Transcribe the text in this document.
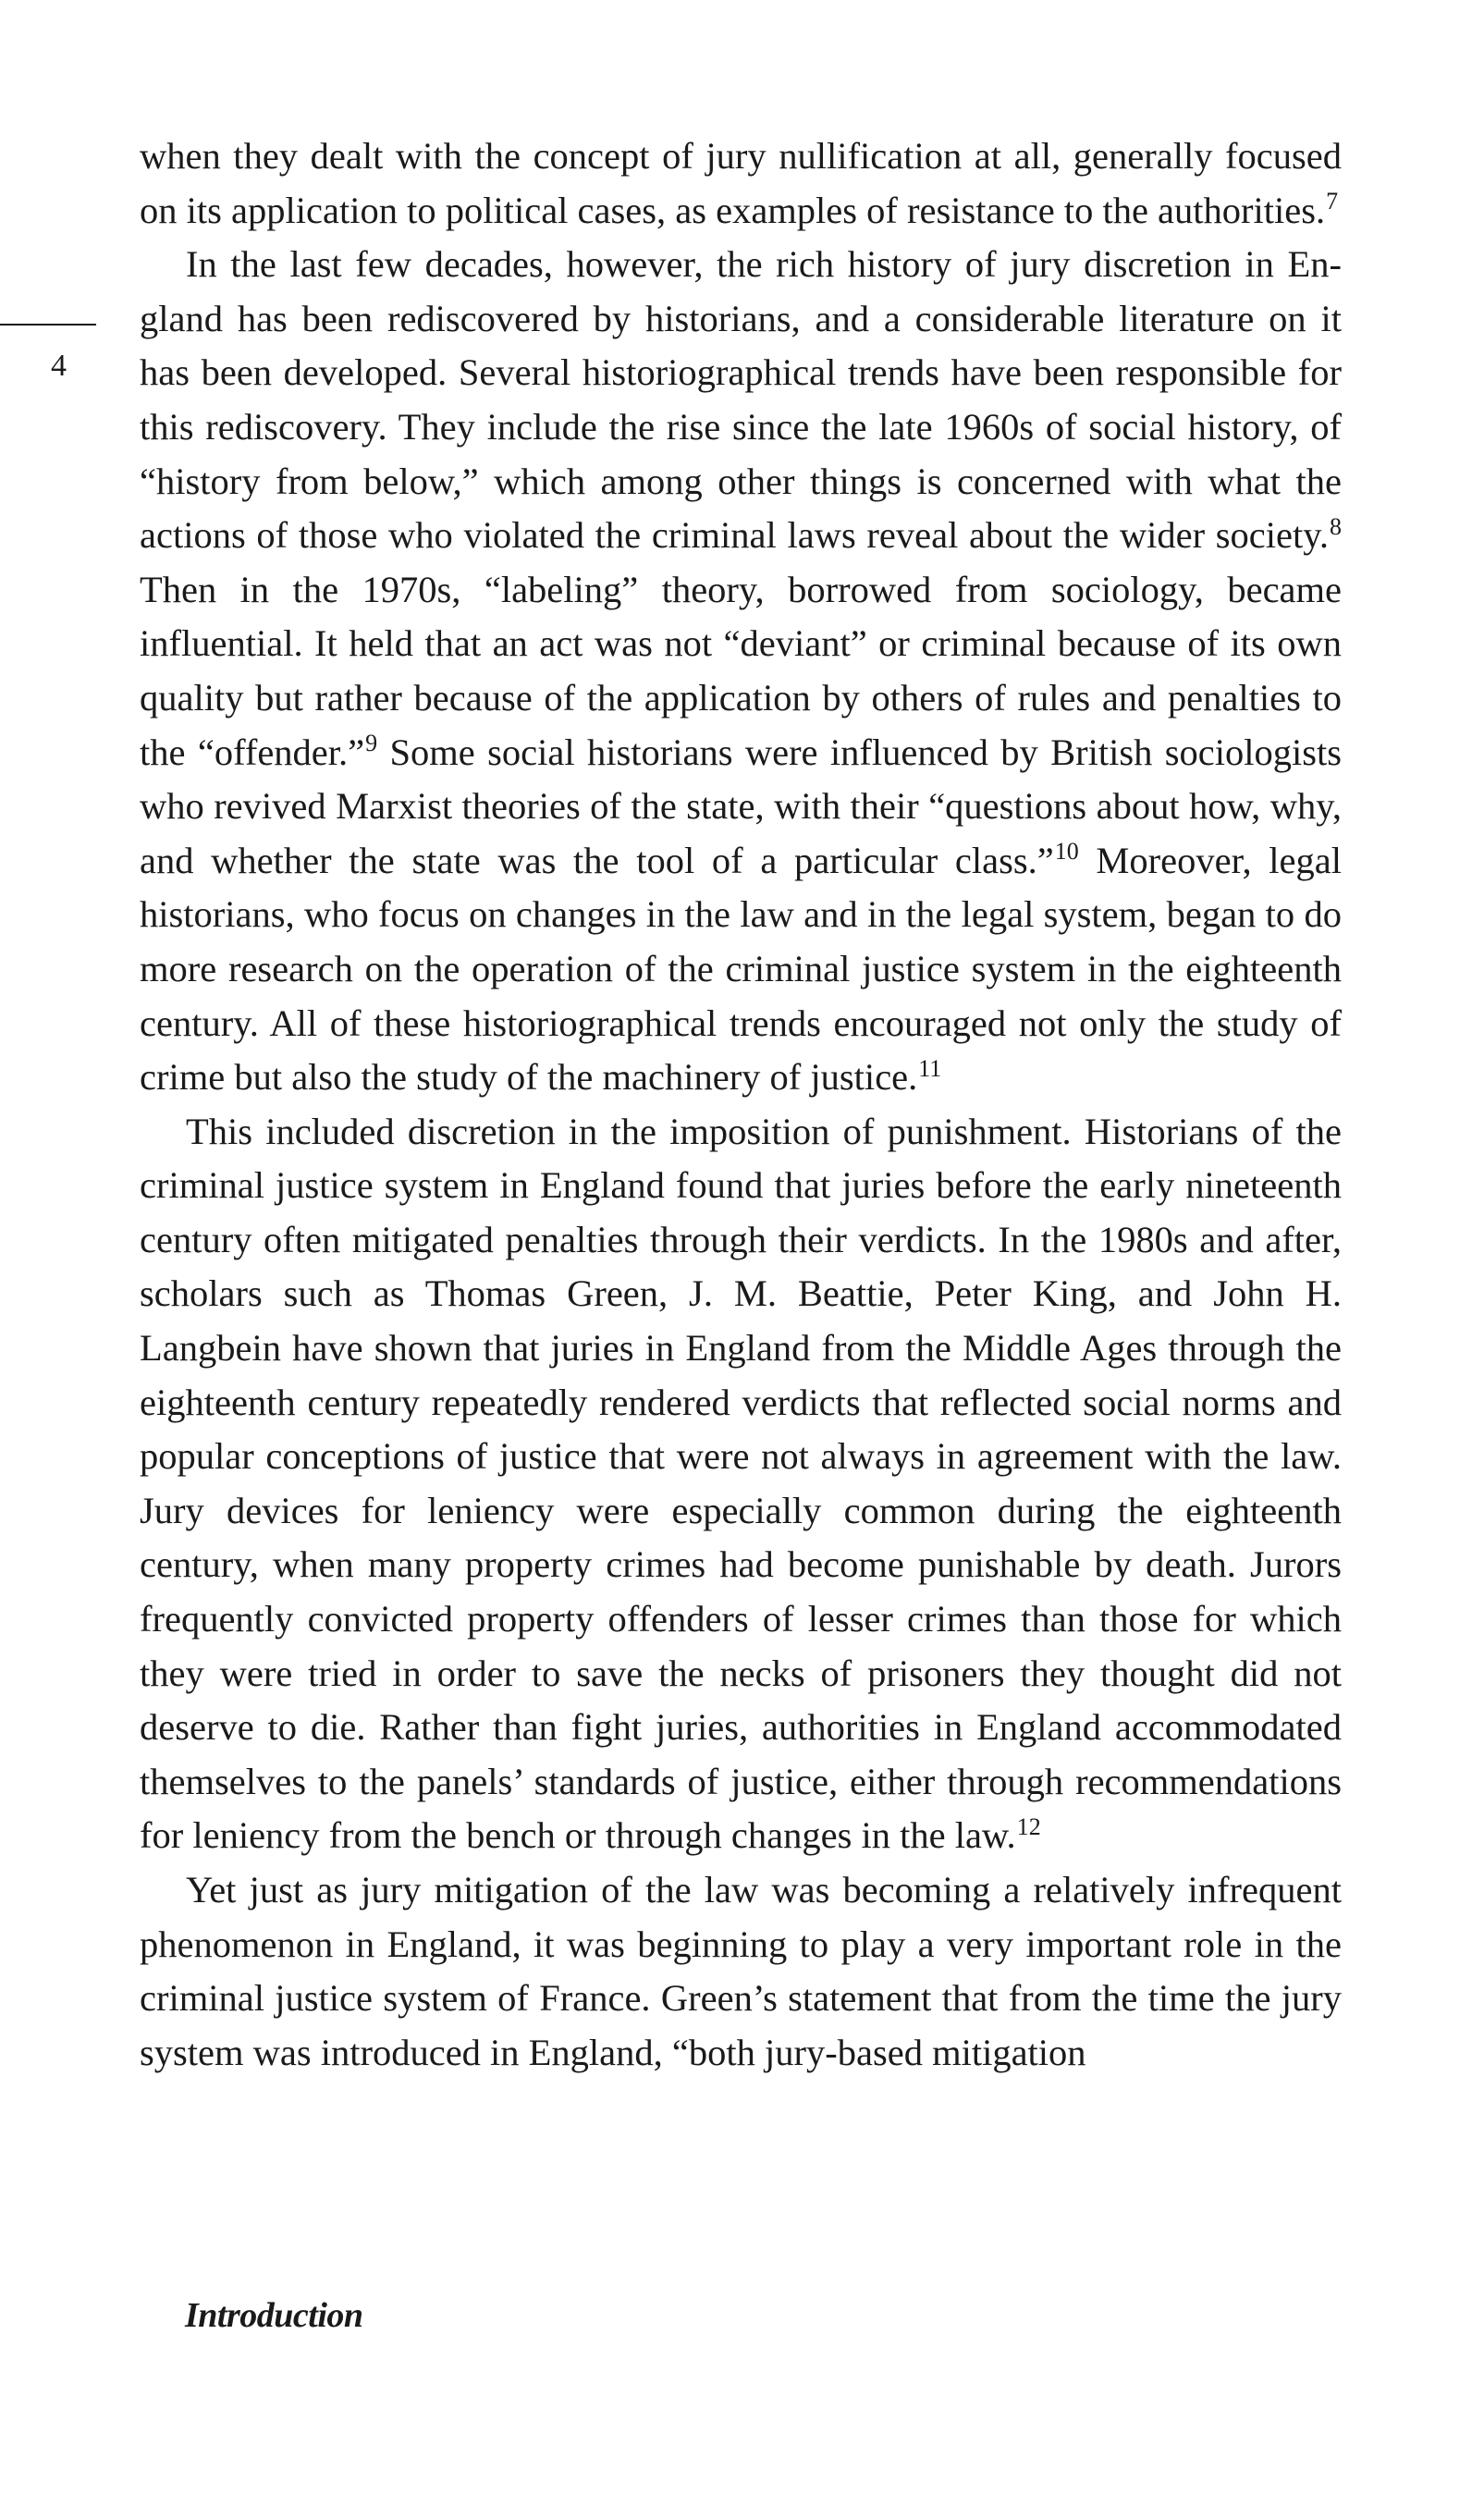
4

when they dealt with the concept of jury nullification at all, generally focused on its application to political cases, as examples of resistance to the authorities.$^7$

In the last few decades, however, the rich history of jury discretion in England has been rediscovered by historians, and a considerable literature on it has been developed. Several historiographical trends have been responsible for this rediscovery. They include the rise since the late 1960s of social history, of “history from below,” which among other things is concerned with what the actions of those who violated the criminal laws reveal about the wider society.$^8$ Then in the 1970s, “labeling” theory, borrowed from sociology, became influential. It held that an act was not “deviant” or criminal because of its own quality but rather because of the application by others of rules and penalties to the “offender.”$^9$ Some social historians were influenced by British sociologists who revived Marxist theories of the state, with their “questions about how, why, and whether the state was the tool of a particular class.”$^{10}$ Moreover, legal historians, who focus on changes in the law and in the legal system, began to do more research on the operation of the criminal justice system in the eighteenth century. All of these historiographical trends encouraged not only the study of crime but also the study of the machinery of justice.$^{11}$

This included discretion in the imposition of punishment. Historians of the criminal justice system in England found that juries before the early nineteenth century often mitigated penalties through their verdicts. In the 1980s and after, scholars such as Thomas Green, J. M. Beattie, Peter King, and John H. Langbein have shown that juries in England from the Middle Ages through the eighteenth century repeatedly rendered verdicts that reflected social norms and popular conceptions of justice that were not always in agreement with the law. Jury devices for leniency were especially common during the eighteenth century, when many property crimes had become punishable by death. Jurors frequently convicted property offenders of lesser crimes than those for which they were tried in order to save the necks of prisoners they thought did not deserve to die. Rather than fight juries, authorities in England accommodated themselves to the panels’ standards of justice, either through recommendations for leniency from the bench or through changes in the law.$^{12}$

Yet just as jury mitigation of the law was becoming a relatively infrequent phenomenon in England, it was beginning to play a very important role in the criminal justice system of France. Green’s statement that from the time the jury system was introduced in England, “both jury-based mitigation

Introduction
